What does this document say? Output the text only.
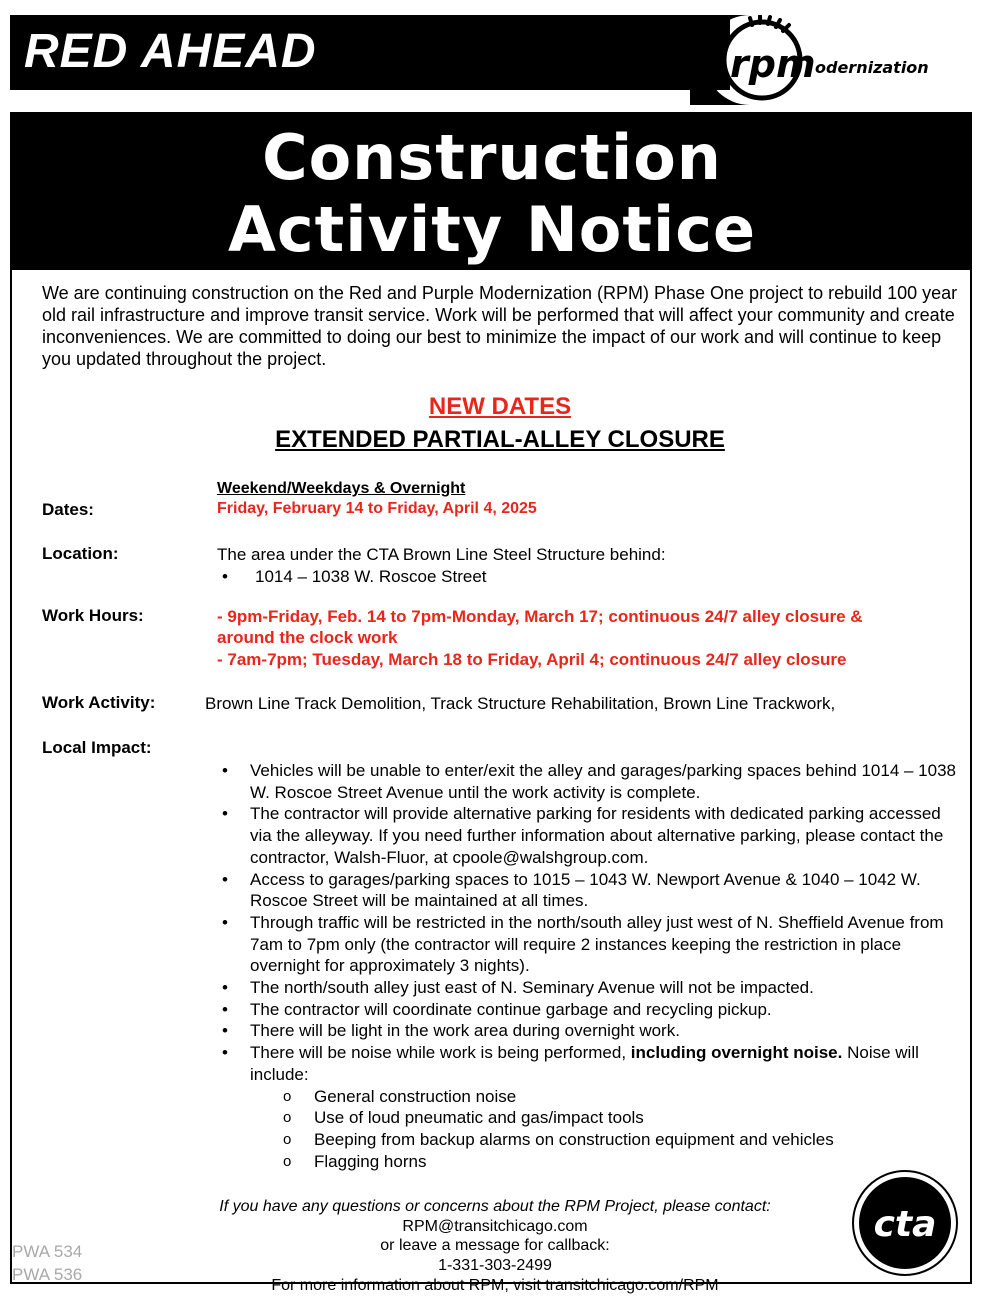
RED AHEAD	rpm odernization
Construction
Activity Notice
We are continuing construction on the Red and Purple Modernization (RPM) Phase One project to rebuild 100 year old rail infrastructure and improve transit service. Work will be performed that will affect your community and create inconveniences. We are committed to doing our best to minimize the impact of our work and will continue to keep you updated throughout the project.
NEW DATES
EXTENDED PARTIAL-ALLEY CLOSURE
Weekend/Weekdays & Overnight
Dates:	Friday, February 14 to Friday, April 4, 2025
Location:	The area under the CTA Brown Line Steel Structure behind:
• 1014 – 1038 W. Roscoe Street
Work Hours:	- 9pm-Friday, Feb. 14 to 7pm-Monday, March 17; continuous 24/7 alley closure &
around the clock work
- 7am-7pm; Tuesday, March 18 to Friday, April 4; continuous 24/7 alley closure
Work Activity:	Brown Line Track Demolition, Track Structure Rehabilitation, Brown Line Trackwork,
Local Impact:
• Vehicles will be unable to enter/exit the alley and garages/parking spaces behind 1014 – 1038 W. Roscoe Street Avenue until the work activity is complete.
• The contractor will provide alternative parking for residents with dedicated parking accessed via the alleyway. If you need further information about alternative parking, please contact the contractor, Walsh-Fluor, at cpoole@walshgroup.com.
• Access to garages/parking spaces to 1015 – 1043 W. Newport Avenue & 1040 – 1042 W. Roscoe Street will be maintained at all times.
• Through traffic will be restricted in the north/south alley just west of N. Sheffield Avenue from 7am to 7pm only (the contractor will require 2 instances keeping the restriction in place overnight for approximately 3 nights).
• The north/south alley just east of N. Seminary Avenue will not be impacted.
• The contractor will coordinate continue garbage and recycling pickup.
• There will be light in the work area during overnight work.
• There will be noise while work is being performed, including overnight noise. Noise will include:
o General construction noise
o Use of loud pneumatic and gas/impact tools
o Beeping from backup alarms on construction equipment and vehicles
o Flagging horns
If you have any questions or concerns about the RPM Project, please contact:
RPM@transitchicago.com
or leave a message for callback:
1-331-303-2499
For more information about RPM, visit transitchicago.com/RPM
PWA 534
PWA 536
cta
